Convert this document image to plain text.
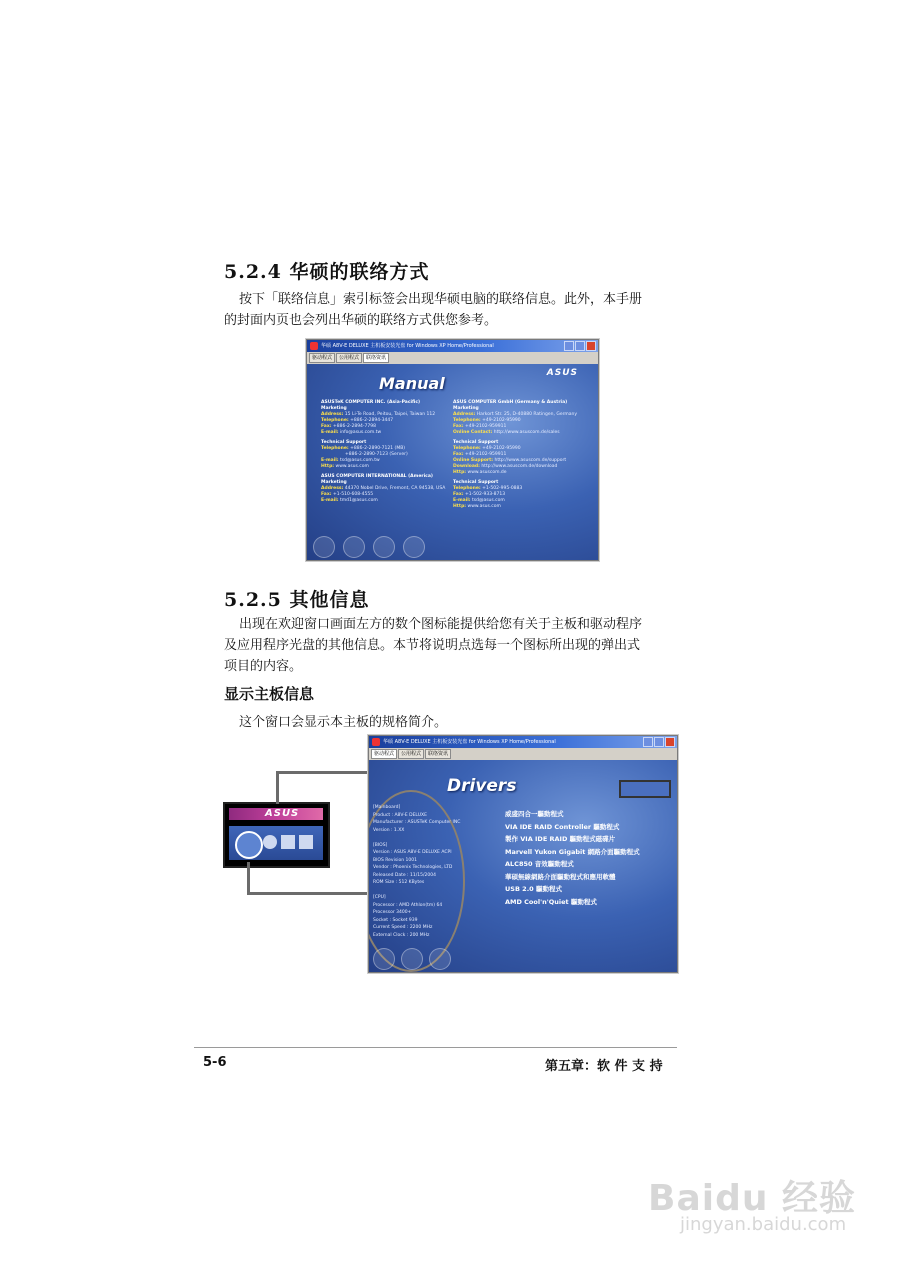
5.2.4 华硕的联络方式
按下「联络信息」索引标签会出现华硕电脑的联络信息。此外，本手册
的封面内页也会列出华硕的联络方式供您参考。
华硕 A8V-E DELUXE 主机板安装光盘 for Windows XP Home/Professional
驱动程式	公用程式	联络资讯
ASUS
Manual
ASUSTeK COMPUTER INC. (Asia-Pacific)
Marketing
Address: 15 Li-Te Road, Peitou, Taipei, Taiwan 112
Telephone: +886-2-2894-3447
Fax: +886-2-2894-7798
E-mail: info@asus.com.tw
Technical Support
Telephone: +886-2-2890-7121 (MB)
+886-2-2890-7123 (Server)
E-mail: tsd@asus.com.tw
Http: www.asus.com
ASUS COMPUTER INTERNATIONAL (America)
Marketing
Address: 44370 Nobel Drive, Fremont, CA 94538, USA
Fax: +1-510-608-4555
E-mail: tmd1@asus.com
ASUS COMPUTER GmbH (Germany & Austria)
Marketing
Address: Harkort Str. 25, D-40880 Ratingen, Germany
Telephone: +49-2102-95990
Fax: +49-2102-959911
Online Contact: http://www.asuscom.de/sales
Technical Support
Telephone: +49-2102-95990
Fax: +49-2102-959911
Online Support: http://www.asuscom.de/support
Download: http://www.asuscom.de/download
Http: www.asuscom.de
Technical Support
Telephone: +1-502-995-0883
Fax: +1-502-933-8713
E-mail: tsd@asus.com
Http: www.asus.com
5.2.5 其他信息
出现在欢迎窗口画面左方的数个图标能提供给您有关于主板和驱动程序
及应用程序光盘的其他信息。本节将说明点选每一个图标所出现的弹出式
项目的内容。
显示主板信息
这个窗口会显示本主板的规格简介。
ASUS
华硕 A8V-E DELUXE 主机板安装光盘 for Windows XP Home/Professional
驱动程式	公用程式	联络资讯
Drivers
[Mainboard]
Product : A8V-E DELUXE
Manufacturer : ASUSTeK Computer INC
Version : 1.XX

[BIOS]
Version : ASUS A8V-E DELUXE ACPI
BIOS Revision 1001
Vendor : Phoenix Technologies, LTD
Released Date : 11/15/2004
ROM Size : 512 KBytes

[CPU]
Processor : AMD Athlon(tm) 64
Processor 3400+
Socket : Socket 939
Current Speed : 2200 MHz
External Clock : 200 MHz
威盛四合一驅動程式
VIA IDE RAID Controller 驅動程式
製作 VIA IDE RAID 驅動程式磁碟片
Marvell Yukon Gigabit 網路介面驅動程式
ALC850 音效驅動程式
華碩無線網路介面驅動程式和應用軟體
USB 2.0 驅動程式
AMD Cool'n'Quiet 驅動程式
5-6	第五章：软 件 支 持
Baidu 经验
jingyan.baidu.com
